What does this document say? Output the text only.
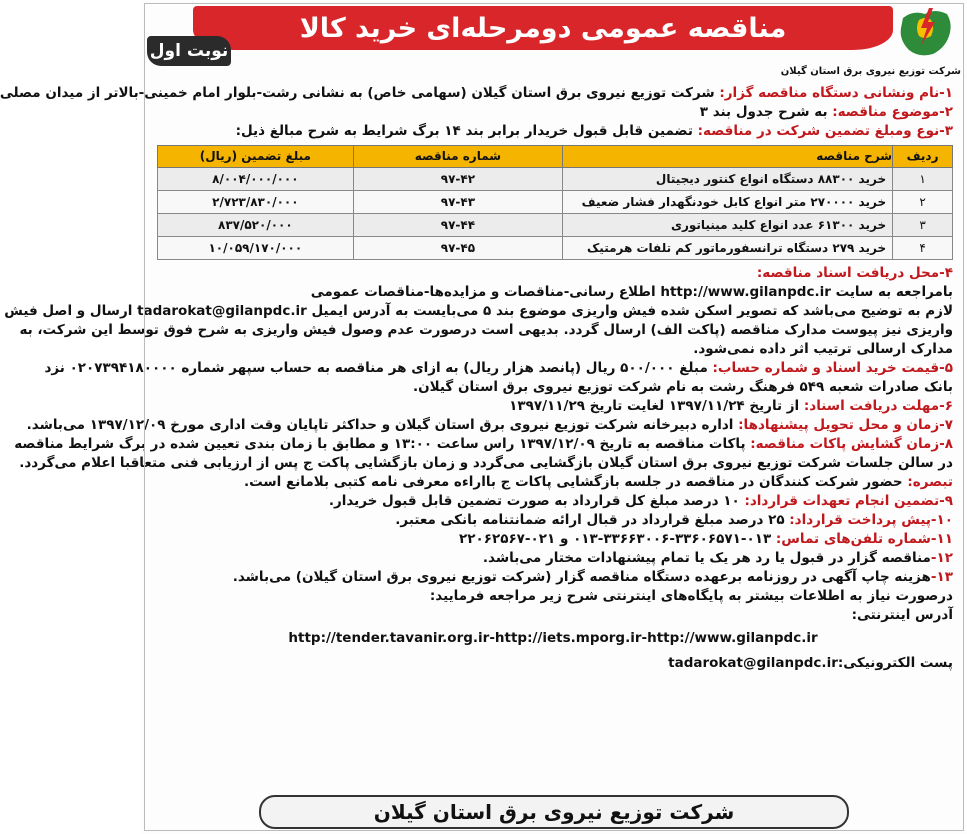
مناقصه عمومی دومرحله‌ای خرید کالا
نوبت اول
شرکت توزیع نیروی برق استان گیلان
۱-نام ونشانی دستگاه مناقصه گزار: شرکت توزیع نیروی برق استان گیلان (سهامی خاص) به نشانی رشت-بلوار امام خمینی-بالاتر از میدان مصلی
۲-موضوع مناقصه: به شرح جدول بند ۳
۳-نوع ومبلغ تضمین شرکت در مناقصه: تضمین قابل قبول خریدار برابر بند ۱۴ برگ شرایط به شرح مبالغ ذیل:
ردیف	شرح مناقصه	شماره مناقصه	مبلغ تضمین (ریال)
۱	خرید ۸۸۳۰۰ دستگاه انواع کنتور دیجیتال	۹۷-۴۲	۸/۰۰۴/۰۰۰/۰۰۰
۲	خرید ۲۷۰۰۰۰ متر انواع کابل خودنگهدار فشار ضعیف	۹۷-۴۳	۲/۷۲۳/۸۳۰/۰۰۰
۳	خرید ۶۱۳۰۰ عدد انواع کلید مینیاتوری	۹۷-۴۴	۸۳۷/۵۲۰/۰۰۰
۴	خرید ۲۷۹ دستگاه ترانسفورماتور کم تلفات هرمتیک	۹۷-۴۵	۱۰/۰۵۹/۱۷۰/۰۰۰
۴-محل دریافت اسناد مناقصه:
بامراجعه به سایت http://www.gilanpdc.ir اطلاع رسانی-مناقصات و مزایده‌ها-مناقصات عمومی
لازم به توضیح می‌باشد که تصویر اسکن شده فیش واریزی موضوع بند ۵ می‌بایست به آدرس ایمیل tadarokat@gilanpdc.ir ارسال و اصل فیش
واریزی نیز پیوست مدارک مناقصه (پاکت الف) ارسال گردد. بدیهی است درصورت عدم وصول فیش واریزی به شرح فوق توسط این شرکت، به
مدارک ارسالی ترتیب اثر داده نمی‌شود.
۵-قیمت خرید اسناد و شماره حساب: مبلغ ۵۰۰/۰۰۰ ریال (پانصد هزار ریال) به ازای هر مناقصه به حساب سپهر شماره ۰۲۰۷۳۹۴۱۸۰۰۰۰ نزد
بانک صادرات شعبه ۵۴۹ فرهنگ رشت به نام شرکت توزیع نیروی برق استان گیلان.
۶-مهلت دریافت اسناد: از تاریخ ۱۳۹۷/۱۱/۲۴ لغایت تاریخ ۱۳۹۷/۱۱/۲۹
۷-زمان و محل تحویل پیشنهادها: اداره دبیرخانه شرکت توزیع نیروی برق استان گیلان و حداکثر تاپایان وقت اداری مورخ ۱۳۹۷/۱۲/۰۹ می‌باشد.
۸-زمان گشایش پاکات مناقصه: پاکات مناقصه به تاریخ ۱۳۹۷/۱۲/۰۹ راس ساعت ۱۳:۰۰ و مطابق با زمان بندی تعیین شده در برگ شرایط مناقصه
در سالن جلسات شرکت توزیع نیروی برق استان گیلان بازگشایی می‌گردد و زمان بازگشایی پاکت ج پس از ارزیابی فنی متعاقبا اعلام می‌گردد.
تبصره: حضور شرکت کنندگان در مناقصه در جلسه بازگشایی پاکات ج بااراءه معرفی نامه کتبی بلامانع است.
۹-تضمین انجام تعهدات قرارداد: ۱۰ درصد مبلغ کل قرارداد به صورت تضمین قابل قبول خریدار.
۱۰-پیش پرداخت قرارداد: ۲۵ درصد مبلغ قرارداد در قبال ارائه ضمانتنامه بانکی معتبر.
۱۱-شماره تلفن‌های تماس: ۰۱۳-۳۳۶۰۶۵۷۱-۳۳۶۶۳۰۰۶-۰۱۳ و ۰۲۱-۲۲۰۶۲۵۶۷
۱۲-مناقصه گزار در قبول یا رد هر یک یا تمام پیشنهادات مختار می‌باشد.
۱۳-هزینه چاپ آگهی در روزنامه برعهده دستگاه مناقصه گزار (شرکت توزیع نیروی برق استان گیلان) می‌باشد.
درصورت نیاز به اطلاعات بیشتر به پایگاه‌های اینترنتی شرح زیر مراجعه فرمایید:
آدرس اینترنتی:
http://tender.tavanir.org.ir-http://iets.mporg.ir-http://www.gilanpdc.ir
پست الکترونیکی:tadarokat@gilanpdc.ir
شرکت توزیع نیروی برق استان گیلان
